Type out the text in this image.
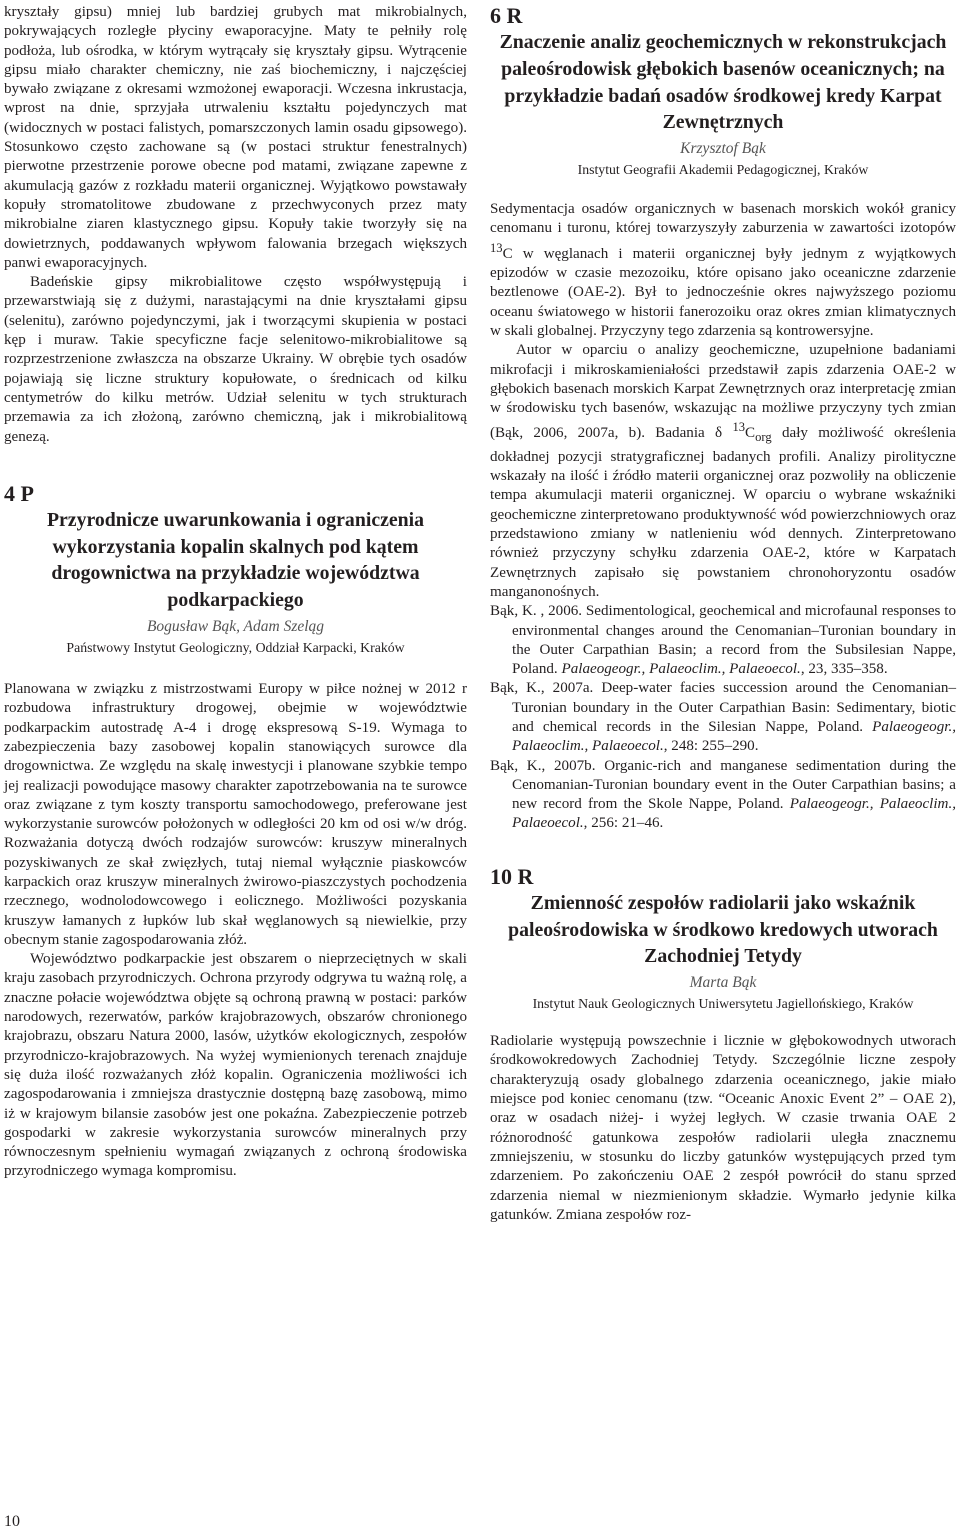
kryształy gipsu) mniej lub bardziej grubych mat mikrobialnych, pokrywających rozległe płyciny ewaporacyjne. Maty te pełniły rolę podłoża, lub ośrodka, w którym wytrącały się kryształy gipsu. Wytrącenie gipsu miało charakter chemiczny, nie zaś biochemiczny, i najczęściej bywało związane z okresami wzmożonej ewaporacji. Wczesna inkrustacja, wprost na dnie, sprzyjała utrwaleniu kształtu pojedynczych mat (widocznych w postaci falistych, pomarszczonych lamin osadu gipsowego). Stosunkowo często zachowane są (w postaci struktur fenestralnych) pierwotne przestrzenie porowe obecne pod matami, związane zapewne z akumulacją gazów z rozkładu materii organicznej. Wyjątkowo powstawały kopuły stromatolitowe zbudowane z przechwyconych przez maty mikrobialne ziaren klastycznego gipsu. Kopuły takie tworzyły się na dowietrznych, poddawanych wpływom falowania brzegach większych panwi ewaporacyjnych.

Badeńskie gipsy mikrobialitowe często współwystępują i przewarstwiają się z dużymi, narastającymi na dnie kryształami gipsu (selenitu), zarówno pojedynczymi, jak i tworzącymi skupienia w postaci kęp i muraw. Takie specyficzne facje selenitowo-mikrobialitowe są rozprzestrzenione zwłaszcza na obszarze Ukrainy. W obrębie tych osadów pojawiają się liczne struktury kopułowate, o średnicach od kilku centymetrów do kilku metrów. Udział selenitu w tych strukturach przemawia za ich złożoną, zarówno chemiczną, jak i mikrobialitową genezą.

4 P
Przyrodnicze uwarunkowania i ograniczenia wykorzystania kopalin skalnych pod kątem drogownictwa na przykładzie województwa podkarpackiego
Bogusław Bąk, Adam Szeląg
Państwowy Instytut Geologiczny, Oddział Karpacki, Kraków

Planowana w związku z mistrzostwami Europy w piłce nożnej w 2012 r rozbudowa infrastruktury drogowej, obejmie w województwie podkarpackim autostradę A-4 i drogę ekspresową S-19. Wymaga to zabezpieczenia bazy zasobowej kopalin stanowiących surowce dla drogownictwa. Ze względu na skalę inwestycji i planowane szybkie tempo jej realizacji powodujące masowy charakter zapotrzebowania na te surowce oraz związane z tym koszty transportu samochodowego, preferowane jest wykorzystanie surowców położonych w odległości 20 km od osi w/w dróg. Rozważania dotyczą dwóch rodzajów surowców: kruszyw mineralnych pozyskiwanych ze skał zwięzłych, tutaj niemal wyłącznie piaskowców karpackich oraz kruszyw mineralnych żwirowo-piaszczystych pochodzenia rzecznego, wodnolodowcowego i eolicznego. Możliwości pozyskania kruszyw łamanych z łupków lub skał węglanowych są niewielkie, przy obecnym stanie zagospodarowania złóż.

Województwo podkarpackie jest obszarem o nieprzeciętnych w skali kraju zasobach przyrodniczych. Ochrona przyrody odgrywa tu ważną rolę, a znaczne połacie województwa objęte są ochroną prawną w postaci: parków narodowych, rezerwatów, parków krajobrazowych, obszarów chronionego krajobrazu, obszaru Natura 2000, lasów, użytków ekologicznych, zespołów przyrodniczo-krajobrazowych. Na wyżej wymienionych terenach znajduje się duża ilość rozważanych złóż kopalin. Ograniczenia możliwości ich zagospodarowania i zmniejsza drastycznie dostępną bazę zasobową, mimo iż w krajowym bilansie zasobów jest one pokaźna. Zabezpieczenie potrzeb gospodarki w zakresie wykorzystania surowców mineralnych przy równoczesnym spełnieniu wymagań związanych z ochroną środowiska przyrodniczego wymaga kompromisu.

6 R
Znaczenie analiz geochemicznych w rekonstrukcjach paleośrodowisk głębokich basenów oceanicznych; na przykładzie badań osadów środkowej kredy Karpat Zewnętrznych
Krzysztof Bąk
Instytut Geografii Akademii Pedagogicznej, Kraków

Sedymentacja osadów organicznych w basenach morskich wokół granicy cenomanu i turonu, której towarzyszyły zaburzenia w zawartości izotopów $^{13}$C w węglanach i materii organicznej były jednym z wyjątkowych epizodów w czasie mezozoiku, które opisano jako oceaniczne zdarzenie beztlenowe (OAE-2). Był to jednocześnie okres najwyższego poziomu oceanu światowego w historii fanerozoiku oraz okres zmian klimatycznych w skali globalnej. Przyczyny tego zdarzenia są kontrowersyjne.

Autor w oparciu o analizy geochemiczne, uzupełnione badaniami mikrofacji i mikroskamieniałości przedstawił zapis zdarzenia OAE-2 w głębokich basenach morskich Karpat Zewnętrznych oraz interpretację zmian w środowisku tych basenów, wskazując na możliwe przyczyny tych zmian (Bąk, 2006, 2007a, b). Badania δ $^{13}C_{org}$ dały możliwość określenia dokładnej pozycji stratygraficznej badanych profili. Analizy pirolityczne wskazały na ilość i źródło materii organicznej oraz pozwoliły na obliczenie tempa akumulacji materii organicznej. W oparciu o wybrane wskaźniki geochemiczne zinterpretowano produktywność wód powierzchniowych oraz przedstawiono zmiany w natlenieniu wód dennych. Zinterpretowano również przyczyny schyłku zdarzenia OAE-2, które w Karpatach Zewnętrznych zapisało się powstaniem chronohoryzontu osadów manganonośnych.

Bąk, K. , 2006. Sedimentological, geochemical and microfaunal responses to environmental changes around the Cenomanian–Turonian boundary in the Outer Carpathian Basin; a record from the Subsilesian Nappe, Poland. Palaeogeogr., Palaeoclim., Palaeoecol., 23, 335–358.

Bąk, K., 2007a. Deep-water facies succession around the Cenomanian–Turonian boundary in the Outer Carpathian Basin: Sedimentary, biotic and chemical records in the Silesian Nappe, Poland. Palaeogeogr., Palaeoclim., Palaeoecol., 248: 255–290.

Bąk, K., 2007b. Organic-rich and manganese sedimentation during the Cenomanian-Turonian boundary event in the Outer Carpathian basins; a new record from the Skole Nappe, Poland. Palaeogeogr., Palaeoclim., Palaeoecol., 256: 21–46.

10 R
Zmienność zespołów radiolarii jako wskaźnik paleośrodowiska w środkowo kredowych utworach Zachodniej Tetydy
Marta Bąk
Instytut Nauk Geologicznych Uniwersytetu Jagiellońskiego, Kraków

Radiolarie występują powszechnie i licznie w głębokowodnych utworach środkowokredowych Zachodniej Tetydy. Szczególnie liczne zespoły charakteryzują osady globalnego zdarzenia oceanicznego, jakie miało miejsce pod koniec cenomanu (tzw. “Oceanic Anoxic Event 2” – OAE 2), oraz w osadach niżej- i wyżej ległych. W czasie trwania OAE 2 różnorodność gatunkowa zespołów radiolarii uległa znacznemu zmniejszeniu, w stosunku do liczby gatunków występujących przed tym zdarzeniem. Po zakończeniu OAE 2 zespół powrócił do stanu sprzed zdarzenia niemal w niezmienionym składzie. Wymarło jedynie kilka gatunków. Zmiana zespołów roz-

10
